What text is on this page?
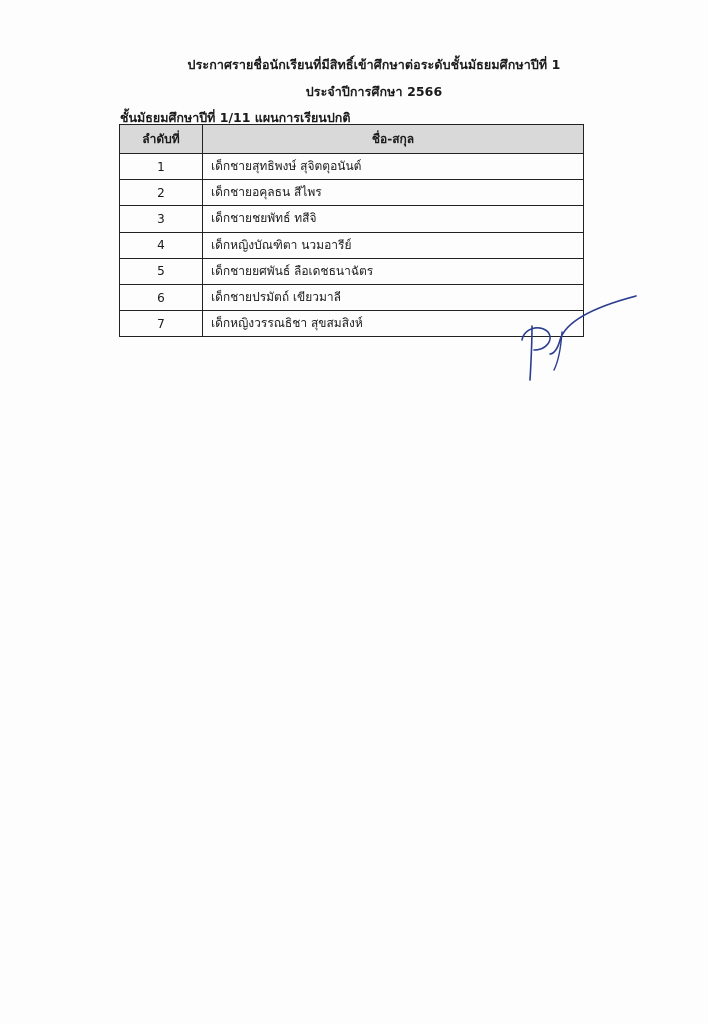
ประกาศรายชื่อนักเรียนที่มีสิทธิ์เข้าศึกษาต่อระดับชั้นมัธยมศึกษาปีที่ 1
ประจำปีการศึกษา 2566
ชั้นมัธยมศึกษาปีที่ 1/11 แผนการเรียนปกติ
ลำดับที่	ชื่อ-สกุล
1	เด็กชายสุทธิพงษ์ สุจิตตุอนันต์
2	เด็กชายอคุลธน สีไพร
3	เด็กชายชยพัทธ์ ทสีจิ
4	เด็กหญิงบัณฑิตา นวมอารีย์
5	เด็กชายยศพันธ์ ลือเดชธนาฉัตร
6	เด็กชายปรมัตถ์ เขียวมาลี
7	เด็กหญิงวรรณธิชา สุขสมสิงห์
